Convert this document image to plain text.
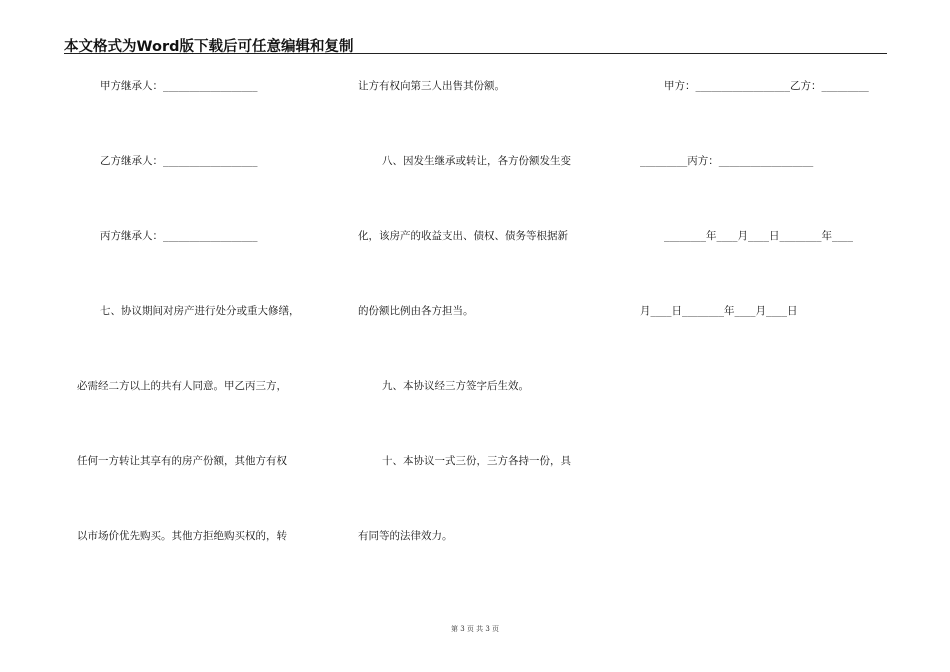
本文格式为Word版下载后可任意编辑和复制
甲方继承人：__________________
乙方继承人：__________________
丙方继承人：__________________
七、协议期间对房产进行处分或重大修缮，
必需经二方以上的共有人同意。甲乙丙三方，
任何一方转让其享有的房产份额，其他方有权
以市场价优先购买。其他方拒绝购买权的，转
让方有权向第三人出售其份额。
八、因发生继承或转让，各方份额发生变
化，该房产的收益支出、债权、债务等根据新
的份额比例由各方担当。
九、本协议经三方签字后生效。
十、本协议一式三份，三方各持一份，具
有同等的法律效力。
甲方：__________________乙方：_________
_________丙方：__________________
________年____月____日________年____
月____日________年____月____日
第 3 页 共 3 页
